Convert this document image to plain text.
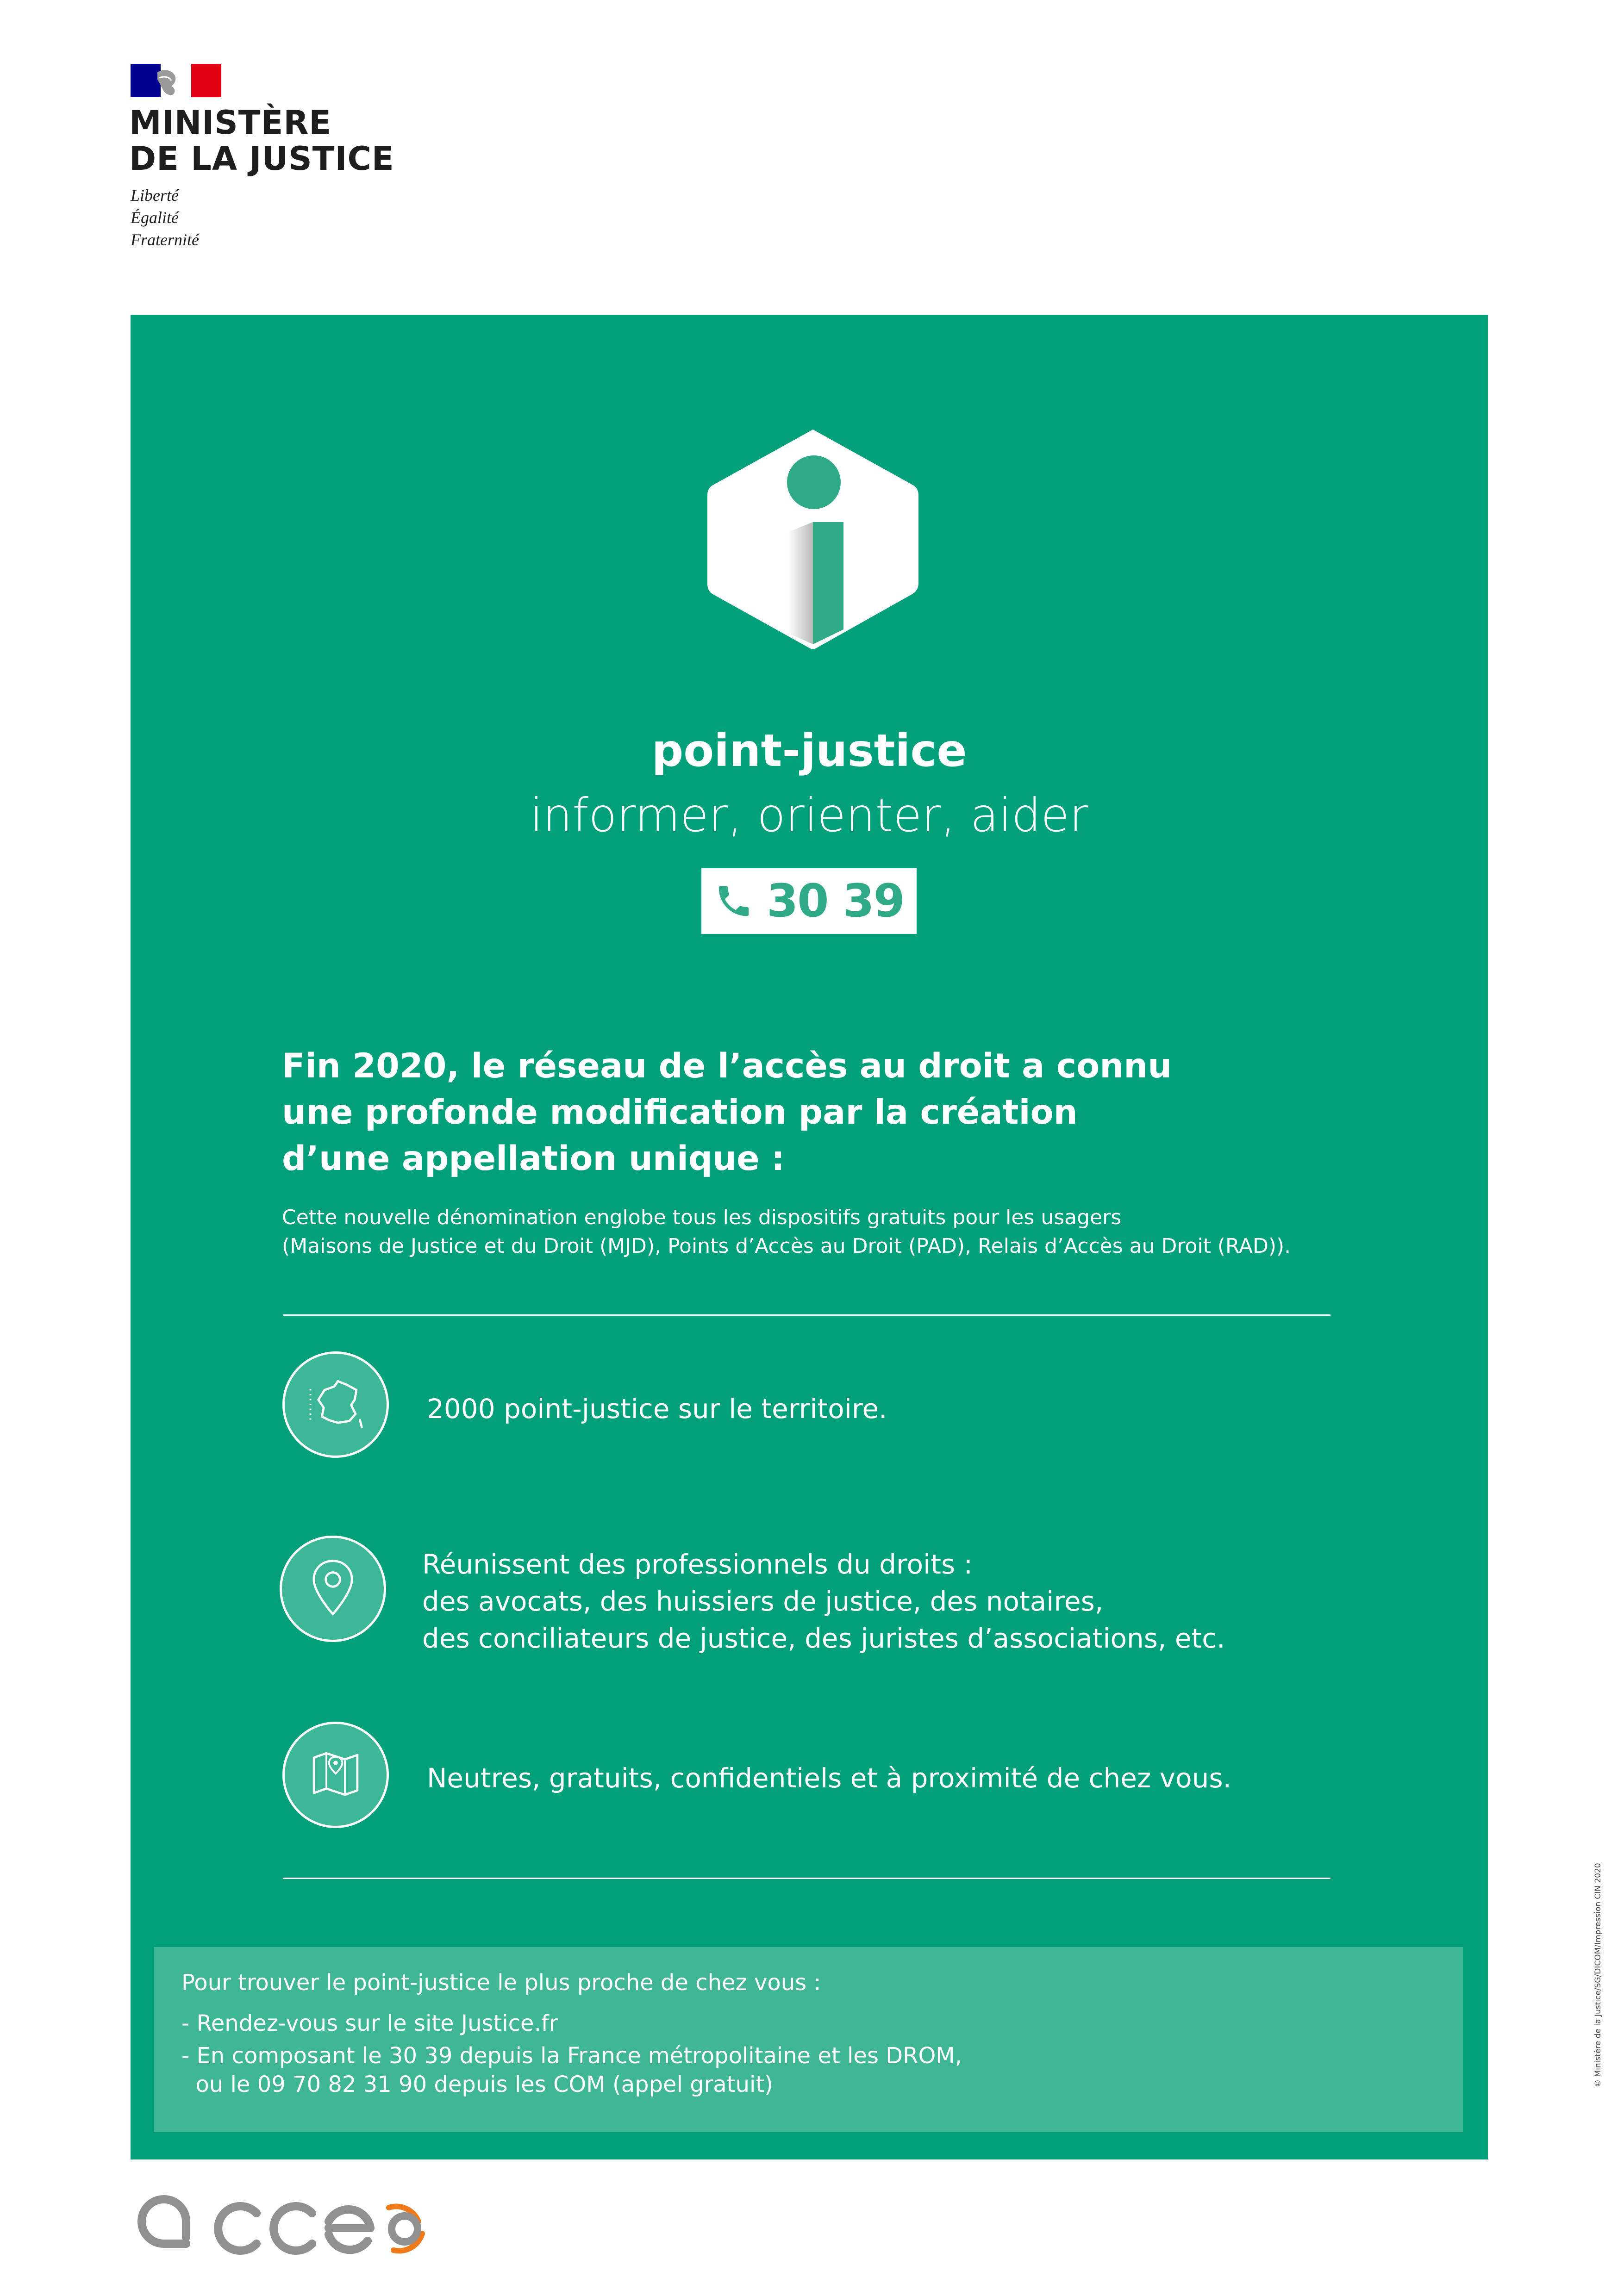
MINISTÈRE
DE LA JUSTICE
Liberté
Égalité
Fraternité
point-justice
informer, orienter, aider
30 39
Fin 2020, le réseau de l’accès au droit a connu
une profonde modification par la création
d’une appellation unique :
Cette nouvelle dénomination englobe tous les dispositifs gratuits pour les usagers
(Maisons de Justice et du Droit (MJD), Points d’Accès au Droit (PAD), Relais d’Accès au Droit (RAD)).
2000 point-justice sur le territoire.
Réunissent des professionnels du droits :
des avocats, des huissiers de justice, des notaires,
des conciliateurs de justice, des juristes d’associations, etc.
Neutres, gratuits, confidentiels et à proximité de chez vous.
Pour trouver le point-justice le plus proche de chez vous :
- Rendez-vous sur le site Justice.fr
- En composant le 30 39 depuis la France métropolitaine et les DROM,
ou le 09 70 82 31 90 depuis les COM (appel gratuit)	© Ministère de la Justice/SG/DICOM/Impression CIN 2020
